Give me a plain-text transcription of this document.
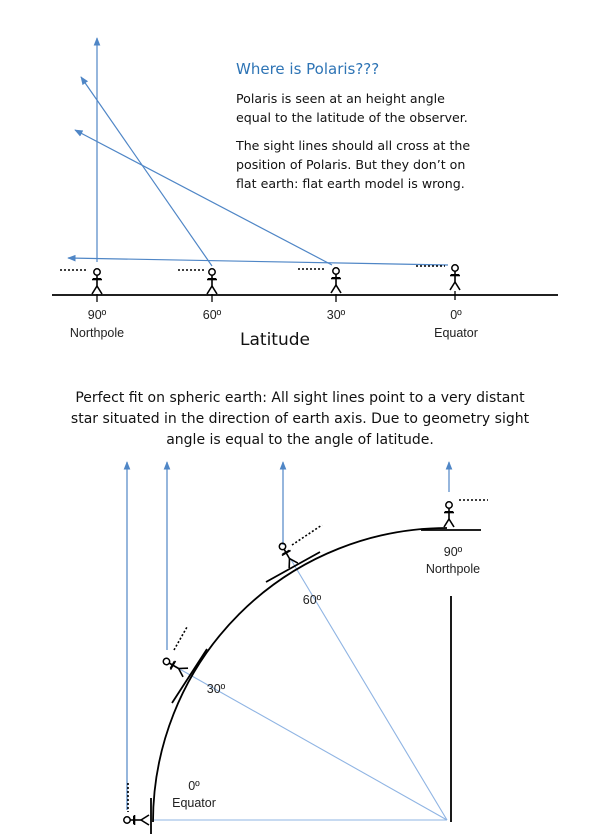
Where is Polaris???
Polaris is seen at an height angle
equal to the latitude of the observer.
The sight lines should all cross at the
position of Polaris. But they don’t on
flat earth: flat earth model is wrong.
90º
Northpole
60º	30º	0º
Equator
Latitude
Perfect fit on spheric earth: All sight lines point to a very distant
star situated in the direction of earth axis. Due to geometry sight
angle is equal to the angle of latitude.
90º
Northpole
60º
30º
0º
Equator
